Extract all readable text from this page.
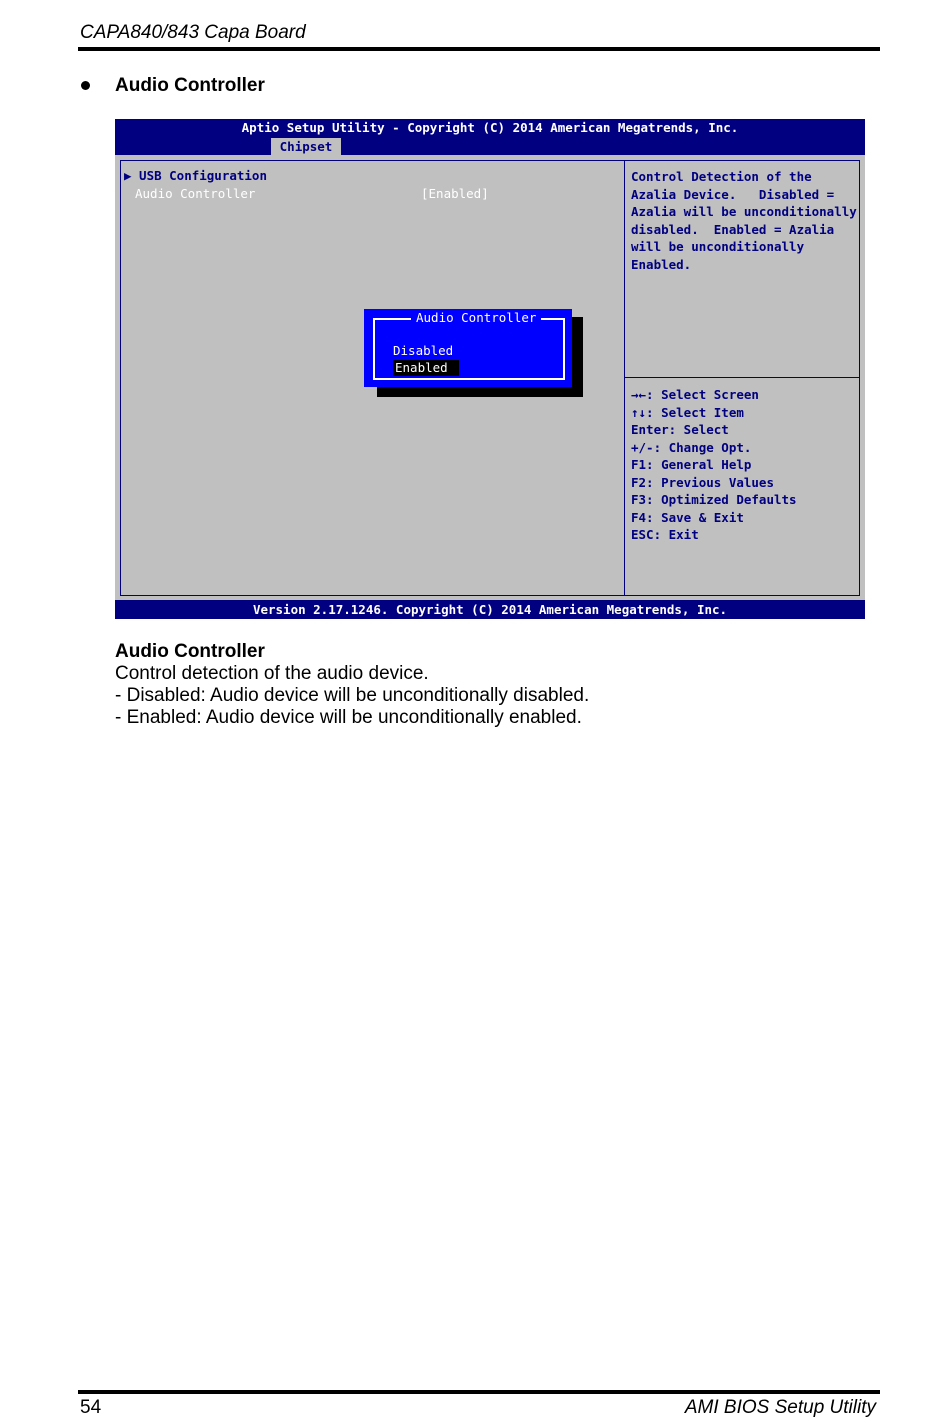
CAPA840/843 Capa Board
Audio Controller
Aptio Setup Utility - Copyright (C) 2014 American Megatrends, Inc.
Chipset
▶ USB Configuration
Audio Controller	[Enabled]
Control Detection of the
Azalia Device.   Disabled =
Azalia will be unconditionally
disabled.  Enabled = Azalia
will be unconditionally
Enabled.
→←: Select Screen
↑↓: Select Item
Enter: Select
+/-: Change Opt.
F1: General Help
F2: Previous Values
F3: Optimized Defaults
F4: Save & Exit
ESC: Exit
Audio Controller
Disabled
Enabled
Version 2.17.1246. Copyright (C) 2014 American Megatrends, Inc.
Audio Controller
Control detection of the audio device.
- Disabled: Audio device will be unconditionally disabled.
- Enabled: Audio device will be unconditionally enabled.
54	AMI BIOS Setup Utility
